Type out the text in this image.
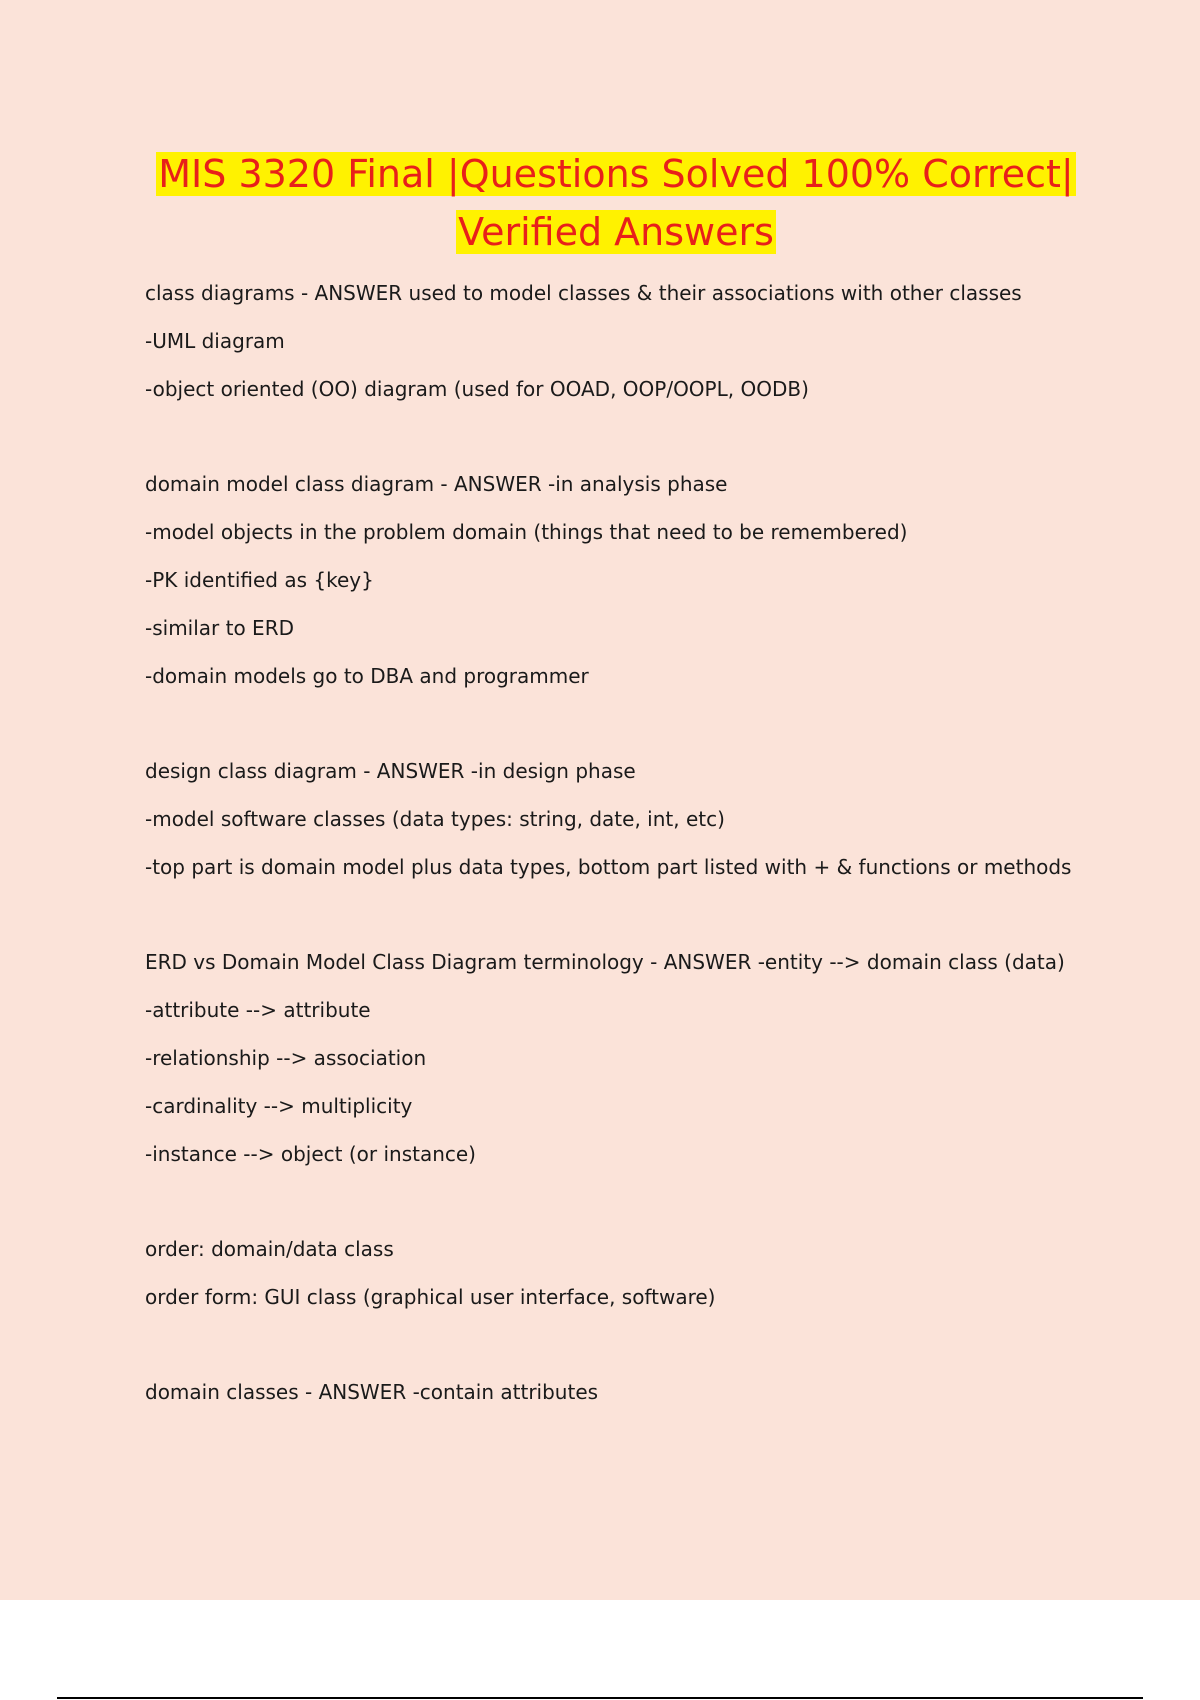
MIS 3320 Final |Questions Solved 100% Correct|
Verified Answers
class diagrams - ANSWER used to model classes & their associations with other classes
-UML diagram
-object oriented (OO) diagram (used for OOAD, OOP/OOPL, OODB)
domain model class diagram - ANSWER -in analysis phase
-model objects in the problem domain (things that need to be remembered)
-PK identified as {key}
-similar to ERD
-domain models go to DBA and programmer
design class diagram - ANSWER -in design phase
-model software classes (data types: string, date, int, etc)
-top part is domain model plus data types, bottom part listed with + & functions or methods
ERD vs Domain Model Class Diagram terminology - ANSWER -entity --> domain class (data)
-attribute --> attribute
-relationship --> association
-cardinality --> multiplicity
-instance --> object (or instance)
order: domain/data class
order form: GUI class (graphical user interface, software)
domain classes - ANSWER -contain attributes
